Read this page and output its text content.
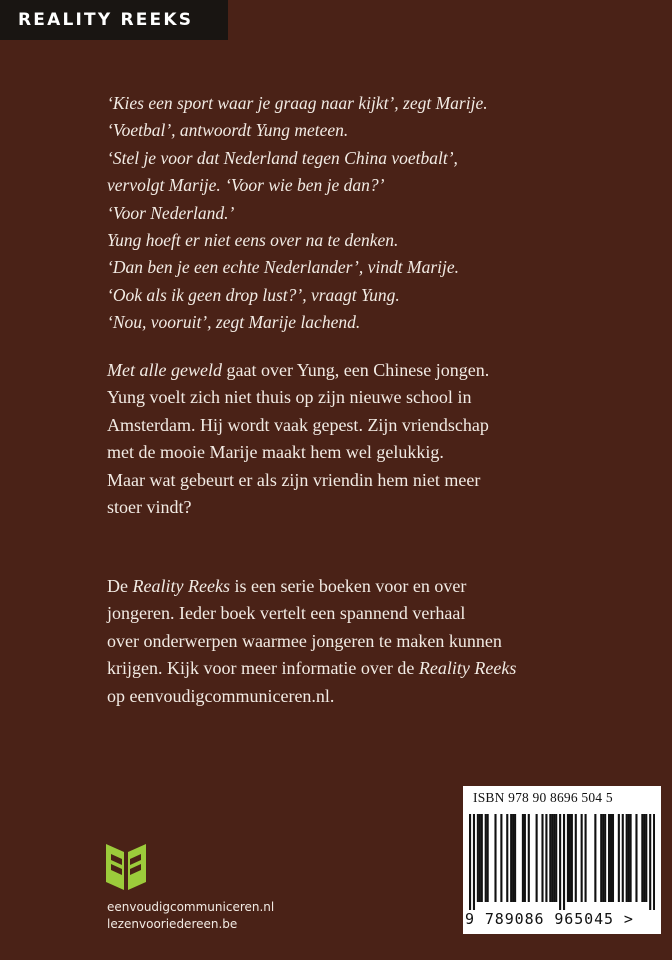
REALITY REEKS
‘Kies een sport waar je graag naar kijkt’, zegt Marije.
‘Voetbal’, antwoordt Yung meteen.
‘Stel je voor dat Nederland tegen China voetbalt’,
vervolgt Marije. ‘Voor wie ben je dan?’
‘Voor Nederland.’
Yung hoeft er niet eens over na te denken.
‘Dan ben je een echte Nederlander’, vindt Marije.
‘Ook als ik geen drop lust?’, vraagt Yung.
‘Nou, vooruit’, zegt Marije lachend.

Met alle geweld gaat over Yung, een Chinese jongen.
Yung voelt zich niet thuis op zijn nieuwe school in
Amsterdam. Hij wordt vaak gepest. Zijn vriendschap
met de mooie Marije maakt hem wel gelukkig.
Maar wat gebeurt er als zijn vriendin hem niet meer
stoer vindt?

De Reality Reeks is een serie boeken voor en over
jongeren. Ieder boek vertelt een spannend verhaal
over onderwerpen waarmee jongeren te maken kunnen
krijgen. Kijk voor meer informatie over de Reality Reeks
op eenvoudigcommuniceren.nl.

eenvoudigcommuniceren.nl
lezenvooriedereen.be
ISBN 978 90 8696 504 5
9 789086 965045 >
